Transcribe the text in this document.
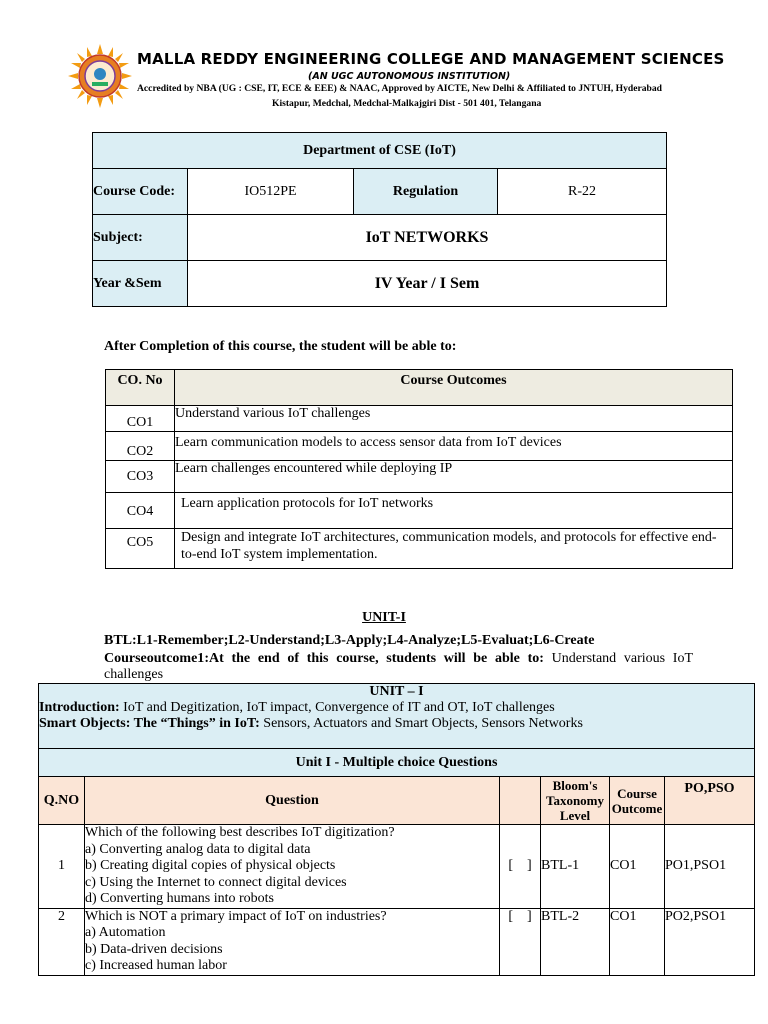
MALLA REDDY ENGINEERING COLLEGE AND MANAGEMENT SCIENCES
(AN UGC AUTONOMOUS INSTITUTION)
Accredited by NBA (UG : CSE, IT, ECE & EEE) & NAAC, Approved by AICTE, New Delhi & Affiliated to JNTUH, Hyderabad
Kistapur, Medchal, Medchal-Malkajgiri Dist - 501 401, Telangana
Department of CSE (IoT)			
Course Code:	IO512PE	Regulation	R-22
Subject:	IoT NETWORKS		
Year &Sem	IV Year / I Sem		
After Completion of this course, the student will be able to:
CO. No	Course Outcomes
CO1	Understand various IoT challenges
CO2	Learn communication models to access sensor data from IoT devices
CO3	Learn challenges encountered while deploying IP
CO4	Learn application protocols for IoT networks
CO5	Design and integrate IoT architectures, communication models, and protocols for effective end-to-end IoT system implementation.
UNIT-I
BTL:L1-Remember;L2-Understand;L3-Apply;L4-Analyze;L5-Evaluat;L6-Create
Courseoutcome1:At the end of this course, students will be able to: Understand various IoT challenges
UNIT – I
Introduction: IoT and Degitization, IoT impact, Convergence of IT and OT, IoT challenges
Smart Objects: The “Things” in IoT: Sensors, Actuators and Smart Objects, Sensors Networks					

Unit I - Multiple choice Questions					
Q.NO	Question		Bloom's Taxonomy Level	Course Outcome	PO,PSO
1	Which of the following best describes IoT digitization?
a) Converting analog data to digital data
b) Creating digital copies of physical objects
c) Using the Internet to connect digital devices
d) Converting humans into robots	[    ]	BTL-1	CO1	PO1,PSO1
2	Which is NOT a primary impact of IoT on industries?
a) Automation
b) Data-driven decisions
c) Increased human labor	[    ]	BTL-2	CO1	PO2,PSO1
